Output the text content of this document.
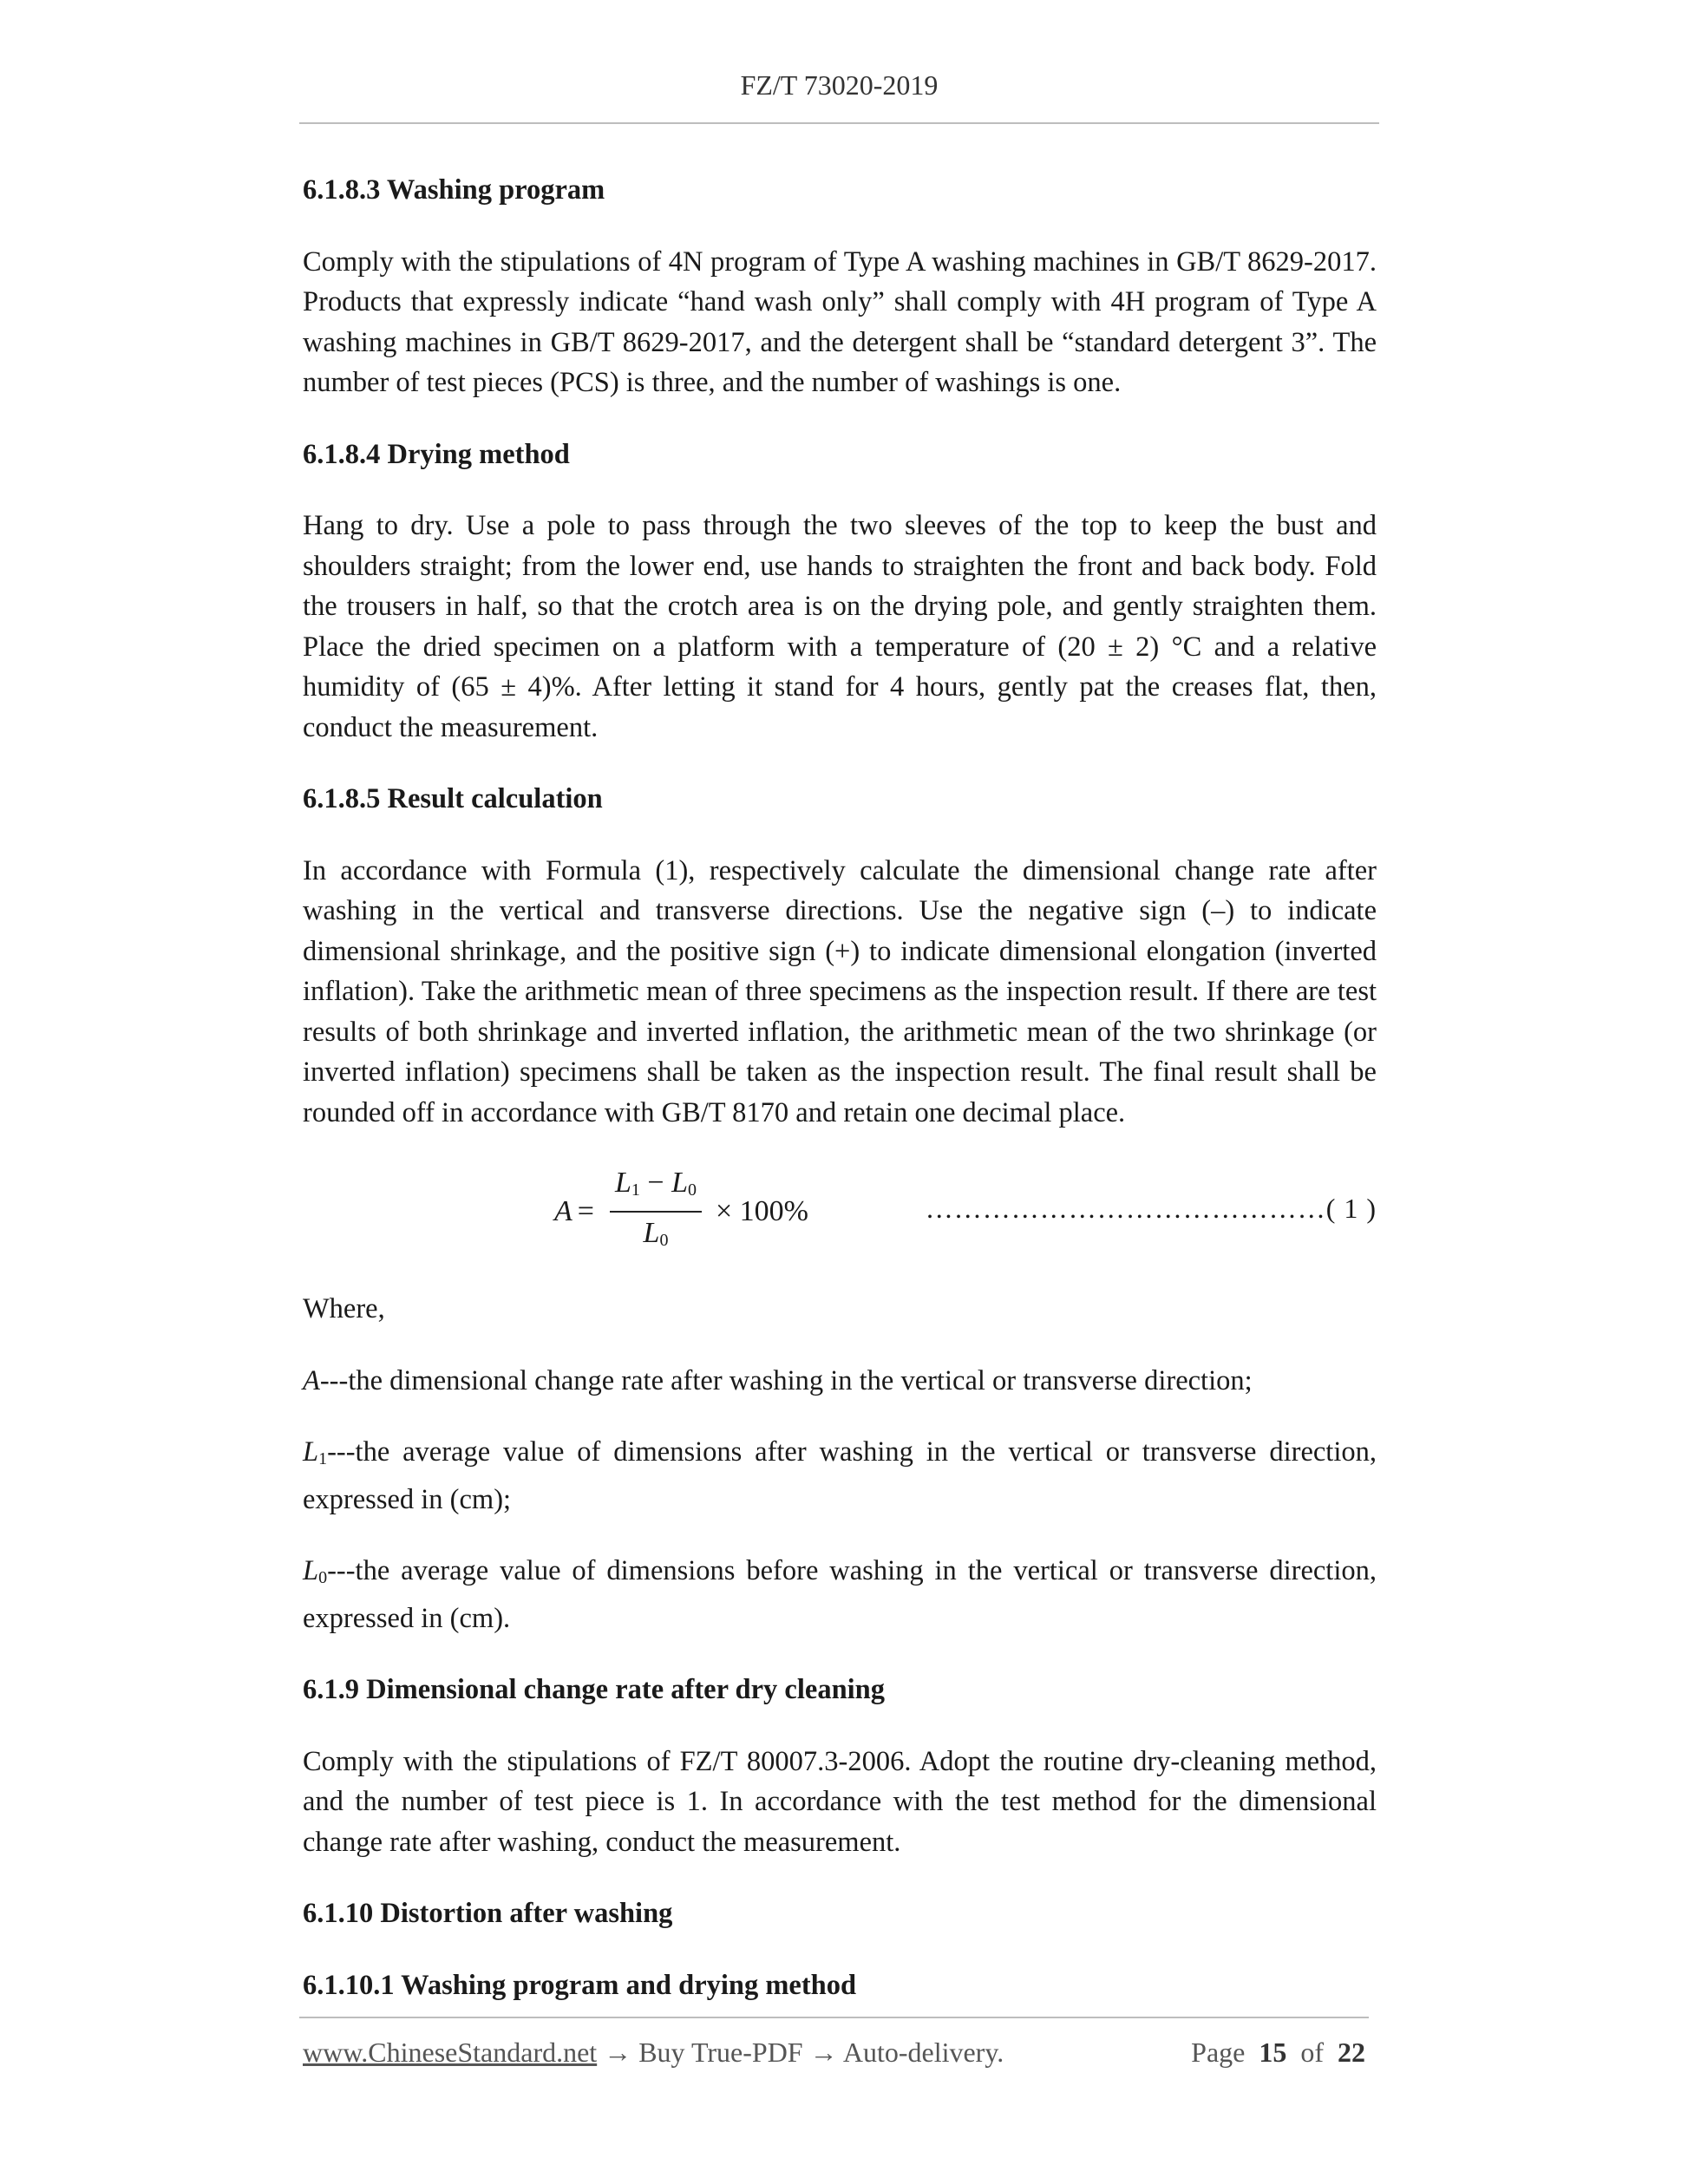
FZ/T 73020-2019
6.1.8.3 Washing program

Comply with the stipulations of 4N program of Type A washing machines in GB/T 8629-2017. Products that expressly indicate “hand wash only” shall comply with 4H program of Type A washing machines in GB/T 8629-2017, and the detergent shall be “standard detergent 3”. The number of test pieces (PCS) is three, and the number of washings is one.

6.1.8.4 Drying method

Hang to dry. Use a pole to pass through the two sleeves of the top to keep the bust and shoulders straight; from the lower end, use hands to straighten the front and back body. Fold the trousers in half, so that the crotch area is on the drying pole, and gently straighten them. Place the dried specimen on a platform with a temperature of (20 ± 2) °C and a relative humidity of (65 ± 4)%. After letting it stand for 4 hours, gently pat the creases flat, then, conduct the measurement.

6.1.8.5 Result calculation

In accordance with Formula (1), respectively calculate the dimensional change rate after washing in the vertical and transverse directions. Use the negative sign (–) to indicate dimensional shrinkage, and the positive sign (+) to indicate dimensional elongation (inverted inflation). Take the arithmetic mean of three specimens as the inspection result. If there are test results of both shrinkage and inverted inflation, the arithmetic mean of the two shrinkage (or inverted inflation) specimens shall be taken as the inspection result. The final result shall be rounded off in accordance with GB/T 8170 and retain one decimal place.

$A = \frac{L_1 - L_0}{L_0} \times 100\%$	……………………………………( 1 )

Where,

A---the dimensional change rate after washing in the vertical or transverse direction;

$L_1--$-the average value of dimensions after washing in the vertical or transverse direction, expressed in (cm);

$L_0--$-the average value of dimensions before washing in the vertical or transverse direction, expressed in (cm).

6.1.9 Dimensional change rate after dry cleaning

Comply with the stipulations of FZ/T 80007.3-2006. Adopt the routine dry-cleaning method, and the number of test piece is 1. In accordance with the test method for the dimensional change rate after washing, conduct the measurement.

6.1.10 Distortion after washing
6.1.10.1 Washing program and drying method
www.ChineseStandard.net → Buy True-PDF → Auto-delivery.	Page 15 of 22
